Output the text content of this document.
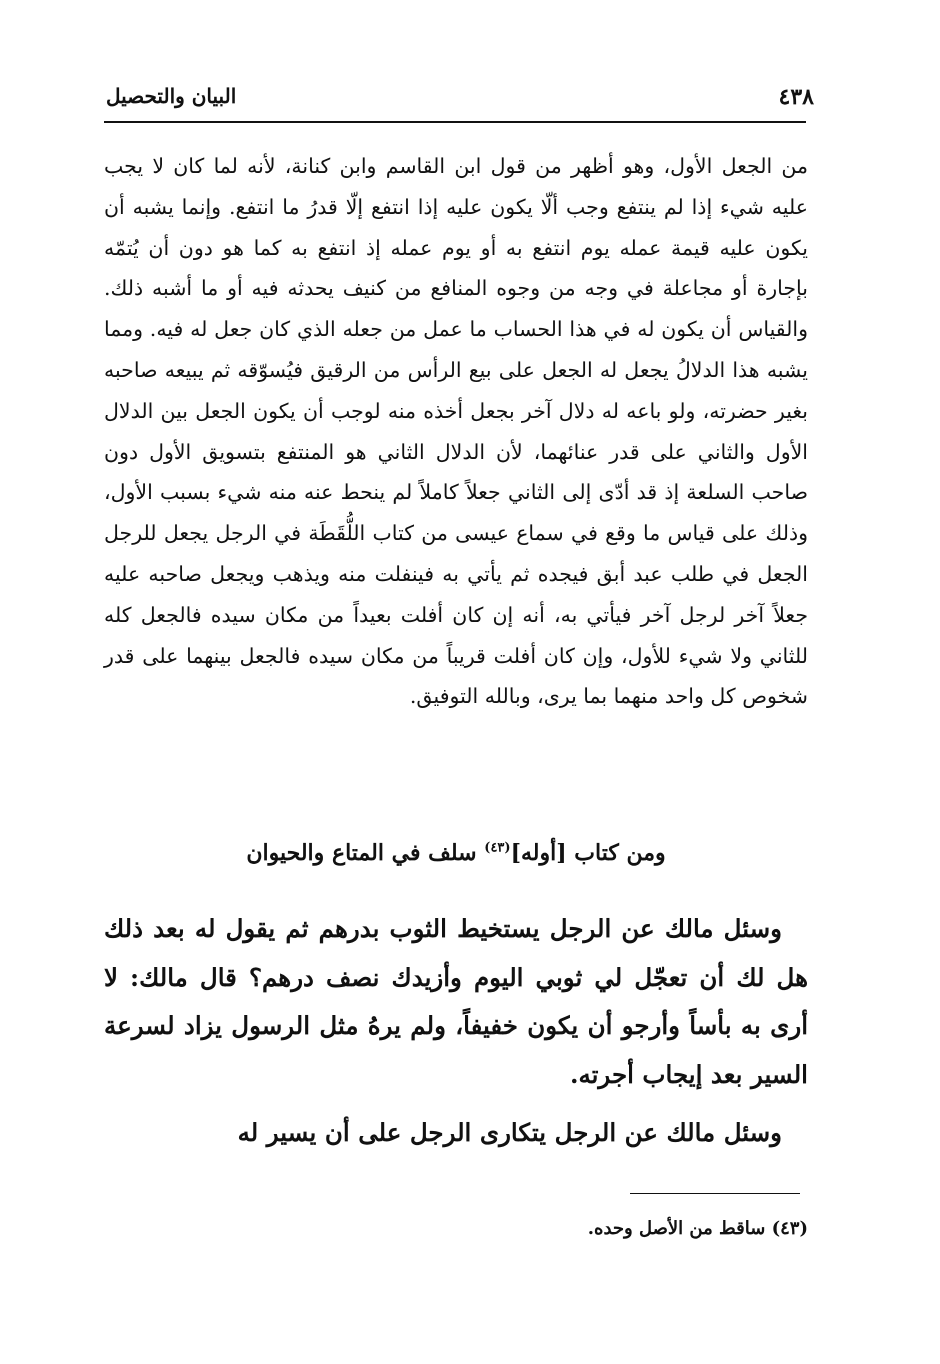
٤٣٨
البيان والتحصيل

من الجعل الأول، وهو أظهر من قول ابن القاسم وابن كنانة، لأنه لما كان لا يجب عليه شيء إذا لم ينتفع وجب ألّا يكون عليه إذا انتفع إلّا قدرُ ما انتفع. وإنما يشبه أن يكون عليه قيمة عمله يوم انتفع به أو يوم عمله إذ انتفع به كما هو دون أن يُتمّه بإجارة أو مجاعلة في وجه من وجوه المنافع من كنيف يحدثه فيه أو ما أشبه ذلك. والقياس أن يكون له في هذا الحساب ما عمل من جعله الذي كان جعل له فيه. ومما يشبه هذا الدلالُ يجعل له الجعل على بيع الرأس من الرقيق فيُسوّقه ثم يبيعه صاحبه بغير حضرته، ولو باعه له دلال آخر بجعل أخذه منه لوجب أن يكون الجعل بين الدلال الأول والثاني على قدر عنائهما، لأن الدلال الثاني هو المنتفع بتسويق الأول دون صاحب السلعة إذ قد أدّى إلى الثاني جعلاً كاملاً لم ينحط عنه منه شيء بسبب الأول، وذلك على قياس ما وقع في سماع عيسى من كتاب اللُّقَطَة في الرجل يجعل للرجل الجعل في طلب عبد أبق فيجده ثم يأتي به فينفلت منه ويذهب ويجعل صاحبه عليه جعلاً آخر لرجل آخر فيأتي به، أنه إن كان أفلت بعيداً من مكان سيده فالجعل كله للثاني ولا شيء للأول، وإن كان أفلت قريباً من مكان سيده فالجعل بينهما على قدر شخوص كل واحد منهما بما يرى، وبالله التوفيق.

ومن كتاب [أوله]$^{(٤٣)}$ سلف في المتاع والحيوان

وسئل مالك عن الرجل يستخيط الثوب بدرهم ثم يقول له بعد ذلك هل لك أن تعجّل لي ثوبي اليوم وأزيدك نصف درهم؟ قال مالك: لا أرى به بأساً وأرجو أن يكون خفيفاً، ولم يرهُ مثل الرسول يزاد لسرعة السير بعد إيجاب أجرته.

وسئل مالك عن الرجل يتكارى الرجل على أن يسير له

(٤٣) ساقط من الأصل وحده.
